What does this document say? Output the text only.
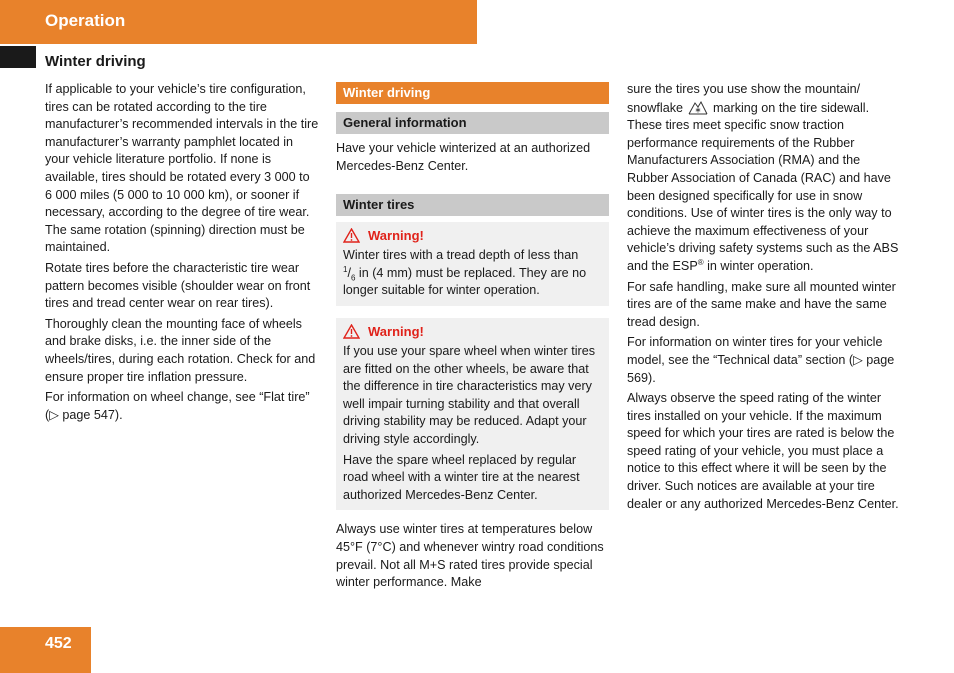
Operation
Winter driving

If applicable to your vehicle’s tire configuration, tires can be rotated according to the tire manufacturer’s recommended intervals in the tire manufacturer’s warranty pamphlet located in your vehicle literature portfolio. If none is available, tires should be rotated every 3 000 to 6 000 miles (5 000 to 10 000 km), or sooner if necessary, according to the degree of tire wear. The same rotation (spinning) direction must be maintained.

Rotate tires before the characteristic tire wear pattern becomes visible (shoulder wear on front tires and tread center wear on rear tires).

Thoroughly clean the mounting face of wheels and brake disks, i.e. the inner side of the wheels/tires, during each rotation. Check for and ensure proper tire inflation pressure.

For information on wheel change, see “Flat tire” (▷ page 547).

Winter driving
General information

Have your vehicle winterized at an authorized Mercedes-Benz Center.

Winter tires
Warning!

Winter tires with a tread depth of less than
$^1/_6$ in (4 mm) must be replaced. They are no longer suitable for winter operation.

Warning!

If you use your spare wheel when winter tires are fitted on the other wheels, be aware that the difference in tire characteristics may very well impair turning stability and that overall driving stability may be reduced. Adapt your driving style accordingly.

Have the spare wheel replaced by regular road wheel with a winter tire at the nearest authorized Mercedes-Benz Center.

Always use winter tires at temperatures below 45°F (7°C) and whenever wintry road conditions prevail. Not all M+S rated tires provide special winter performance. Make

sure the tires you use show the mountain/ snowflake marking on the tire sidewall. These tires meet specific snow traction performance requirements of the Rubber Manufacturers Association (RMA) and the Rubber Association of Canada (RAC) and have been designed specifically for use in snow conditions. Use of winter tires is the only way to achieve the maximum effectiveness of your vehicle’s driving safety systems such as the ABS and the ESP® in winter operation.

For safe handling, make sure all mounted winter tires are of the same make and have the same tread design.

For information on winter tires for your vehicle model, see the “Technical data” section (▷ page 569).

Always observe the speed rating of the winter tires installed on your vehicle. If the maximum speed for which your tires are rated is below the speed rating of your vehicle, you must place a notice to this effect where it will be seen by the driver. Such notices are available at your tire dealer or any authorized Mercedes-Benz Center.

452
